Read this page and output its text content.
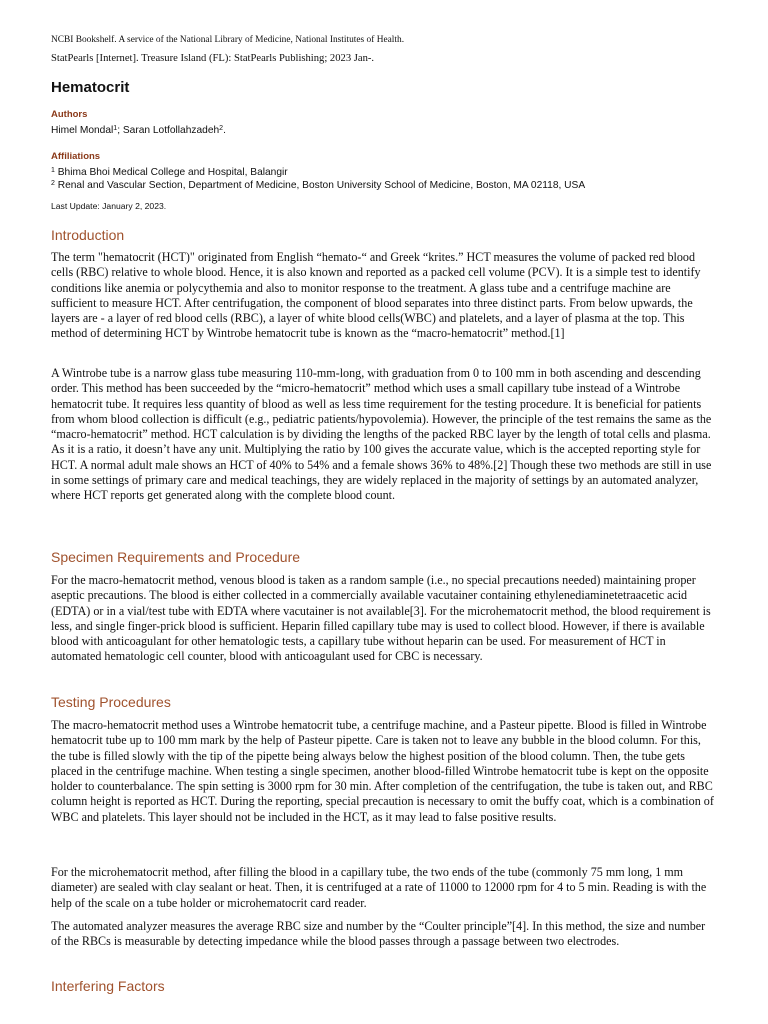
NCBI Bookshelf. A service of the National Library of Medicine, National Institutes of Health.
StatPearls [Internet]. Treasure Island (FL): StatPearls Publishing; 2023 Jan-.
Hematocrit
Authors
Himel Mondal$^1$; Saran Lotfollahzadeh$^2$.
Affiliations
$^1$ Bhima Bhoi Medical College and Hospital, Balangir
$^2$ Renal and Vascular Section, Department of Medicine, Boston University School of Medicine, Boston, MA 02118, USA
Last Update: January 2, 2023.
Introduction

The term "hematocrit (HCT)" originated from English “hemato-“ and Greek “krites.” HCT measures the volume of packed red blood cells (RBC) relative to whole blood. Hence, it is also known and reported as a packed cell volume (PCV). It is a simple test to identify conditions like anemia or polycythemia and also to monitor response to the treatment. A glass tube and a centrifuge machine are sufficient to measure HCT. After centrifugation, the component of blood separates into three distinct parts. From below upwards, the layers are - a layer of red blood cells (RBC), a layer of white blood cells(WBC) and platelets, and a layer of plasma at the top. This method of determining HCT by Wintrobe hematocrit tube is known as the “macro-hematocrit” method.[1]

A Wintrobe tube is a narrow glass tube measuring 110-mm-long, with graduation from 0 to 100 mm in both ascending and descending order. This method has been succeeded by the “micro-hematocrit” method which uses a small capillary tube instead of a Wintrobe hematocrit tube. It requires less quantity of blood as well as less time requirement for the testing procedure. It is beneficial for patients from whom blood collection is difficult (e.g., pediatric patients/hypovolemia). However, the principle of the test remains the same as the “macro-hematocrit” method. HCT calculation is by dividing the lengths of the packed RBC layer by the length of total cells and plasma. As it is a ratio, it doesn’t have any unit. Multiplying the ratio by 100 gives the accurate value, which is the accepted reporting style for HCT. A normal adult male shows an HCT of 40% to 54% and a female shows 36% to 48%.[2] Though these two methods are still in use in some settings of primary care and medical teachings, they are widely replaced in the majority of settings by an automated analyzer, where HCT reports get generated along with the complete blood count.

Specimen Requirements and Procedure

For the macro-hematocrit method, venous blood is taken as a random sample (i.e., no special precautions needed) maintaining proper aseptic precautions. The blood is either collected in a commercially available vacutainer containing ethylenediaminetetraacetic acid (EDTA) or in a vial/test tube with EDTA where vacutainer is not available[3]. For the microhematocrit method, the blood requirement is less, and single finger-prick blood is sufficient. Heparin filled capillary tube may is used to collect blood. However, if there is available blood with anticoagulant for other hematologic tests, a capillary tube without heparin can be used. For measurement of HCT in automated hematologic cell counter, blood with anticoagulant used for CBC is necessary.

Testing Procedures

The macro-hematocrit method uses a Wintrobe hematocrit tube, a centrifuge machine, and a Pasteur pipette. Blood is filled in Wintrobe hematocrit tube up to 100 mm mark by the help of Pasteur pipette. Care is taken not to leave any bubble in the blood column. For this, the tube is filled slowly with the tip of the pipette being always below the highest position of the blood column. Then, the tube gets placed in the centrifuge machine. When testing a single specimen, another blood-filled Wintrobe hematocrit tube is kept on the opposite holder to counterbalance. The spin setting is 3000 rpm for 30 min. After completion of the centrifugation, the tube is taken out, and RBC column height is reported as HCT. During the reporting, special precaution is necessary to omit the buffy coat, which is a combination of WBC and platelets. This layer should not be included in the HCT, as it may lead to false positive results.

For the microhematocrit method, after filling the blood in a capillary tube, the two ends of the tube (commonly 75 mm long, 1 mm diameter) are sealed with clay sealant or heat. Then, it is centrifuged at a rate of 11000 to 12000 rpm for 4 to 5 min. Reading is with the help of the scale on a tube holder or microhematocrit card reader.

The automated analyzer measures the average RBC size and number by the “Coulter principle”[4]. In this method, the size and number of the RBCs is measurable by detecting impedance while the blood passes through a passage between two electrodes.

Interfering Factors
